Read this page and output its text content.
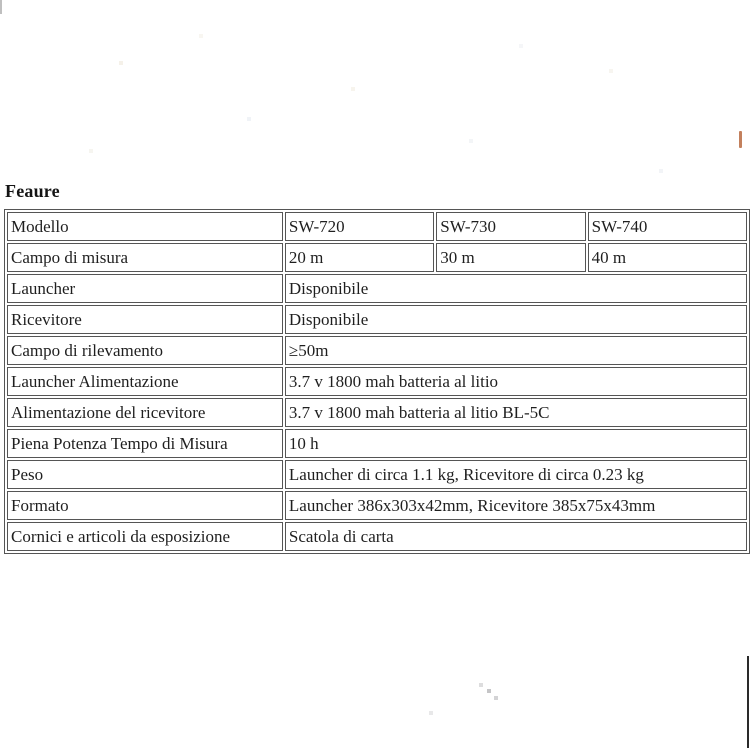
Feaure
Modello	SW-720	SW-730	SW-740
Campo di misura	20 m	30 m	40 m
Launcher	Disponibile		
Ricevitore	Disponibile		
Campo di rilevamento	≥50m		
Launcher Alimentazione	3.7 v 1800 mah batteria al litio		
Alimentazione del ricevitore	3.7 v 1800 mah batteria al litio BL-5C		
Piena Potenza Tempo di Misura	10 h		
Peso	Launcher di circa 1.1 kg, Ricevitore di circa 0.23 kg		
Formato	Launcher 386x303x42mm, Ricevitore 385x75x43mm		
Cornici e articoli da esposizione	Scatola di carta		
